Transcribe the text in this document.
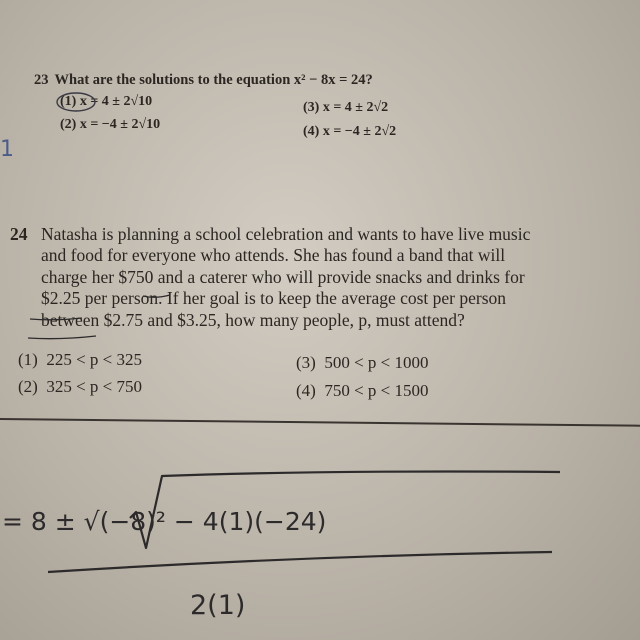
1
23 What are the solutions to the equation x² − 8x = 24?
(1) x = 4 ± 2√10
(2) x = −4 ± 2√10
(3) x = 4 ± 2√2
(4) x = −4 ± 2√2
24 Natasha is planning a school celebration and wants to have live music
and food for everyone who attends. She has found a band that will
charge her $750 and a caterer who will provide snacks and drinks for
$2.25 per person. If her goal is to keep the average cost per person
between $2.75 and $3.25, how many people, p, must attend?
(1) 225 < p < 325
(2) 325 < p < 750
(3) 500 < p < 1000
(4) 750 < p < 1500
= 8 ± √(−8)² − 4(1)(−24)
2(1)
